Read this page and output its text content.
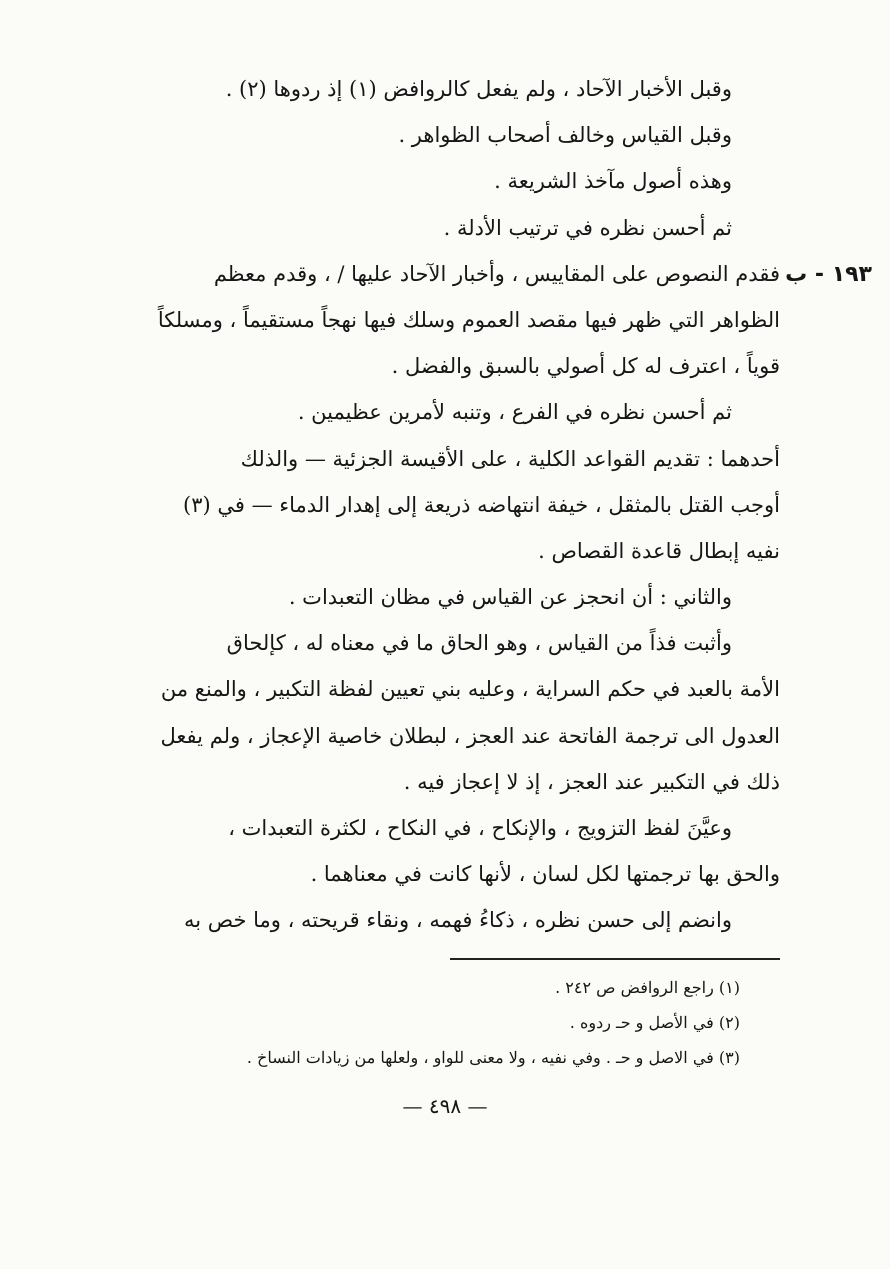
١٩٣ - ب
وقبل الأخبار الآحاد ، ولم يفعل كالروافض (١) إذ ردوها (٢) .
وقبل القياس وخالف أصحاب الظواهر .
وهذه أصول مآخذ الشريعة .
ثم أحسن نظره في ترتيب الأدلة .
فقدم النصوص على المقاييس ، وأخبار الآحاد عليها / ، وقدم معظم
الظواهر التي ظهر فيها مقصد العموم وسلك فيها نهجاً مستقيماً ، ومسلكاً
قوياً ، اعترف له كل أصولي بالسبق والفضل .
ثم أحسن نظره في الفرع ، وتنبه لأمرين عظيمين .
أحدهما : تقديم القواعد الكلية ، على الأقيسة الجزئية — والذلك
أوجب القتل بالمثقل ، خيفة انتهاضه ذريعة إلى إهدار الدماء — في (٣)
نفيه إبطال قاعدة القصاص .
والثاني : أن انحجز عن القياس في مظان التعبدات .
وأثبت فذاً من القياس ، وهو الحاق ما في معناه له ، كإلحاق
الأمة بالعبد في حكم السراية ، وعليه بني تعيين لفظة التكبير ، والمنع من
العدول الى ترجمة الفاتحة عند العجز ، لبطلان خاصية الإعجاز ، ولم يفعل
ذلك في التكبير عند العجز ، إذ لا إعجاز فيه .
وعيَّنَ لفظ التزويج ، والإنكاح ، في النكاح ، لكثرة التعبدات ،
والحق بها ترجمتها لكل لسان ، لأنها كانت في معناهما .
وانضم إلى حسن نظره ، ذكاءُ فهمه ، ونقاء قريحته ، وما خص به
(١) راجع الروافض ص ٢٤٢ .
(٢) في الأصل و حـ ردوه .
(٣) في الاصل و حـ . وفي نفيه ، ولا معنى للواو ، ولعلها من زيادات النساخ .
— ٤٩٨ —
